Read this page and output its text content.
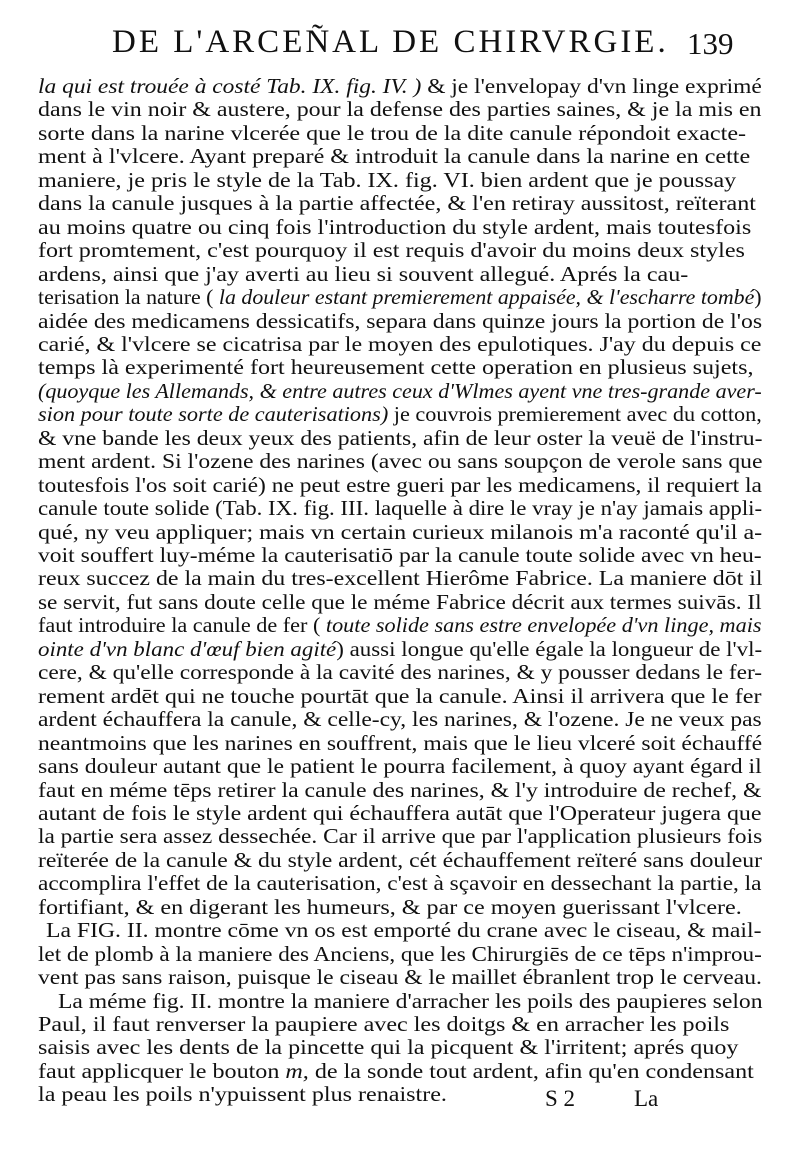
DE L'ARCEÑAL DE CHIRVRGIE. 139
la qui est trouée à costé Tab. IX. fig. IV. ) & je l'envelopay d'vn linge exprimé
dans le vin noir & austere, pour la defense des parties saines, & je la mis en
sorte dans la narine vlcerée que le trou de la dite canule répondoit exacte-
ment à l'vlcere. Ayant preparé & introduit la canule dans la narine en cette
maniere, je pris le style de la Tab. IX. fig. VI. bien ardent que je poussay
dans la canule jusques à la partie affectée, & l'en retiray aussitost, reïterant
au moins quatre ou cinq fois l'introduction du style ardent, mais toutesfois
fort promtement, c'est pourquoy il est requis d'avoir du moins deux styles
ardens, ainsi que j'ay averti au lieu si souvent allegué. Aprés la cau-
terisation la nature ( la douleur estant premierement appaisée, & l'escharre tombé)
aidée des medicamens dessicatifs, separa dans quinze jours la portion de l'os
carié, & l'vlcere se cicatrisa par le moyen des epulotiques. J'ay du depuis ce
temps là experimenté fort heureusement cette operation en plusieus sujets,
(quoyque les Allemands, & entre autres ceux d'Wlmes ayent vne tres-grande aver-
sion pour toute sorte de cauterisations) je couvrois premierement avec du cotton,
& vne bande les deux yeux des patients, afin de leur oster la veuë de l'instru-
ment ardent. Si l'ozene des narines (avec ou sans soupçon de verole sans que
toutesfois l'os soit carié) ne peut estre gueri par les medicamens, il requiert la
canule toute solide (Tab. IX. fig. III. laquelle à dire le vray je n'ay jamais appli-
qué, ny veu appliquer; mais vn certain curieux milanois m'a raconté qu'il a-
voit souffert luy-méme la cauterisatiō par la canule toute solide avec vn heu-
reux succez de la main du tres-excellent Hierôme Fabrice. La maniere dōt il
se servit, fut sans doute celle que le méme Fabrice décrit aux termes suivās. Il
faut introduire la canule de fer ( toute solide sans estre envelopée d'vn linge, mais
ointe d'vn blanc d'œuf bien agité) aussi longue qu'elle égale la longueur de l'vl-
cere, & qu'elle corresponde à la cavité des narines, & y pousser dedans le fer-
rement ardēt qui ne touche pourtāt que la canule. Ainsi il arrivera que le fer
ardent échauffera la canule, & celle-cy, les narines, & l'ozene. Je ne veux pas
neantmoins que les narines en souffrent, mais que le lieu vlceré soit échauffé
sans douleur autant que le patient le pourra facilement, à quoy ayant égard il
faut en méme tēps retirer la canule des narines, & l'y introduire de rechef, &
autant de fois le style ardent qui échauffera autāt que l'Operateur jugera que
la partie sera assez dessechée. Car il arrive que par l'application plusieurs fois
reïterée de la canule & du style ardent, cét échauffement reïteré sans douleur
accomplira l'effet de la cauterisation, c'est à sçavoir en dessechant la partie, la
fortifiant, & en digerant les humeurs, & par ce moyen guerissant l'vlcere.
La FIG. II. montre cōme vn os est emporté du crane avec le ciseau, & mail-
let de plomb à la maniere des Anciens, que les Chirurgiēs de ce tēps n'improu-
vent pas sans raison, puisque le ciseau & le maillet ébranlent trop le cerveau.
La méme fig. II. montre la maniere d'arracher les poils des paupieres selon
Paul, il faut renverser la paupiere avec les doitgs & en arracher les poils
saisis avec les dents de la pincette qui la picquent & l'irritent; aprés quoy
faut applicquer le bouton m, de la sonde tout ardent, afin qu'en condensant
la peau les poils n'ypuissent plus renaistre.	S 2	La
